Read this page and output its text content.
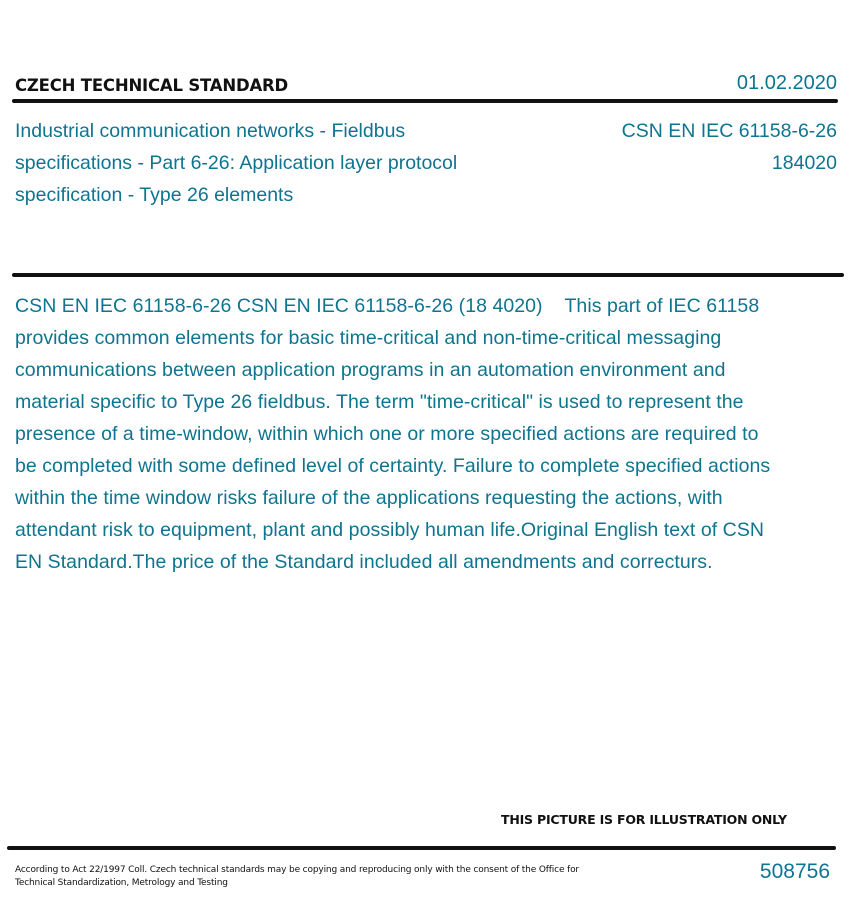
CZECH TECHNICAL STANDARD	01.02.2020
Industrial communication networks - Fieldbus specifications - Part 6-26: Application layer protocol specification - Type 26 elements
CSN EN IEC 61158-6-26
184020
CSN EN IEC 61158-6-26 CSN EN IEC 61158-6-26 (18 4020)    This part of IEC 61158 provides common elements for basic time-critical and non-time-critical messaging communications between application programs in an automation environment and material specific to Type 26 fieldbus. The term "time-critical" is used to represent the presence of a time-window, within which one or more specified actions are required to be completed with some defined level of certainty. Failure to complete specified actions within the time window risks failure of the applications requesting the actions, with attendant risk to equipment, plant and possibly human life.Original English text of CSN EN Standard.The price of the Standard included all amendments and correcturs.
THIS PICTURE IS FOR ILLUSTRATION ONLY
According to Act 22/1997 Coll. Czech technical standards may be copying and reproducing only with the consent of the Office for Technical Standardization, Metrology and Testing	508756
